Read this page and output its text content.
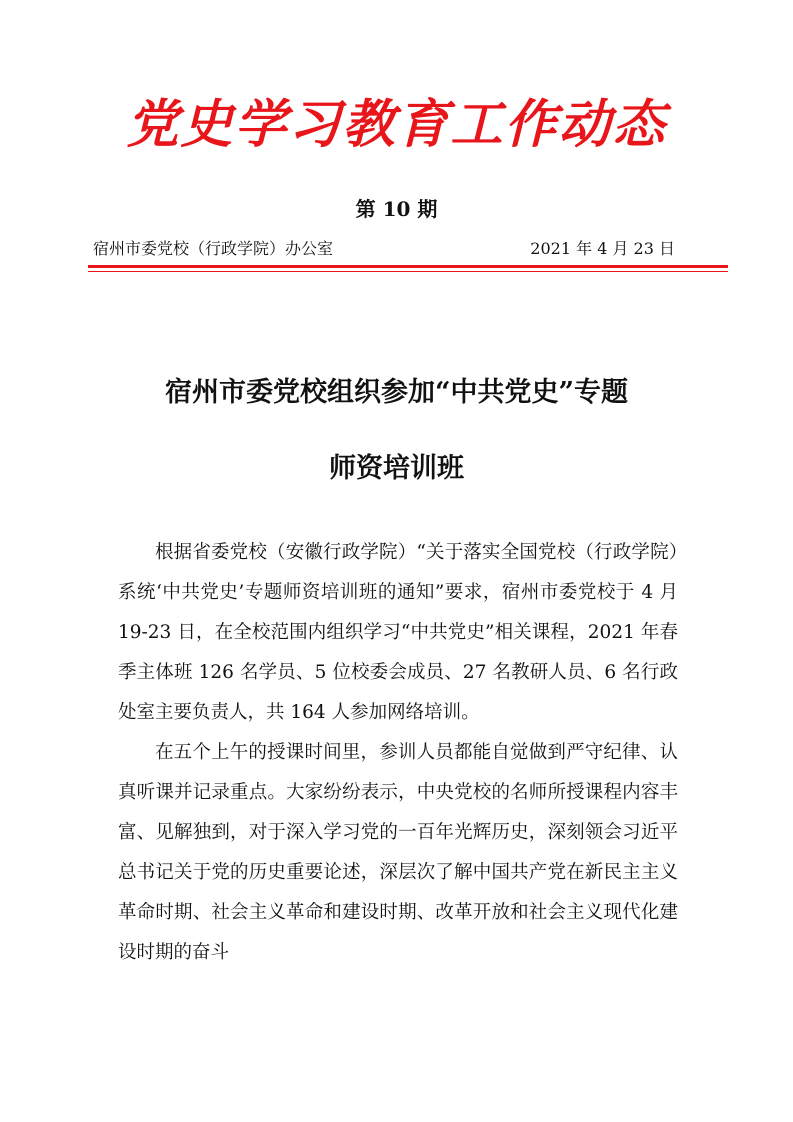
党史学习教育工作动态
第 10 期
宿州市委党校（行政学院）办公室	2021 年 4 月 23 日
宿州市委党校组织参加“中共党史”专题
师资培训班

根据省委党校（安徽行政学院）“关于落实全国党校（行政学院）系统‘中共党史’专题师资培训班的通知”要求，宿州市委党校于 4 月 19-23 日，在全校范围内组织学习“中共党史”相关课程，2021 年春季主体班 126 名学员、5 位校委会成员、27 名教研人员、6 名行政处室主要负责人，共 164 人参加网络培训。

在五个上午的授课时间里，参训人员都能自觉做到严守纪律、认真听课并记录重点。大家纷纷表示，中央党校的名师所授课程内容丰富、见解独到，对于深入学习党的一百年光辉历史，深刻领会习近平总书记关于党的历史重要论述，深层次了解中国共产党在新民主主义革命时期、社会主义革命和建设时期、改革开放和社会主义现代化建设时期的奋斗
